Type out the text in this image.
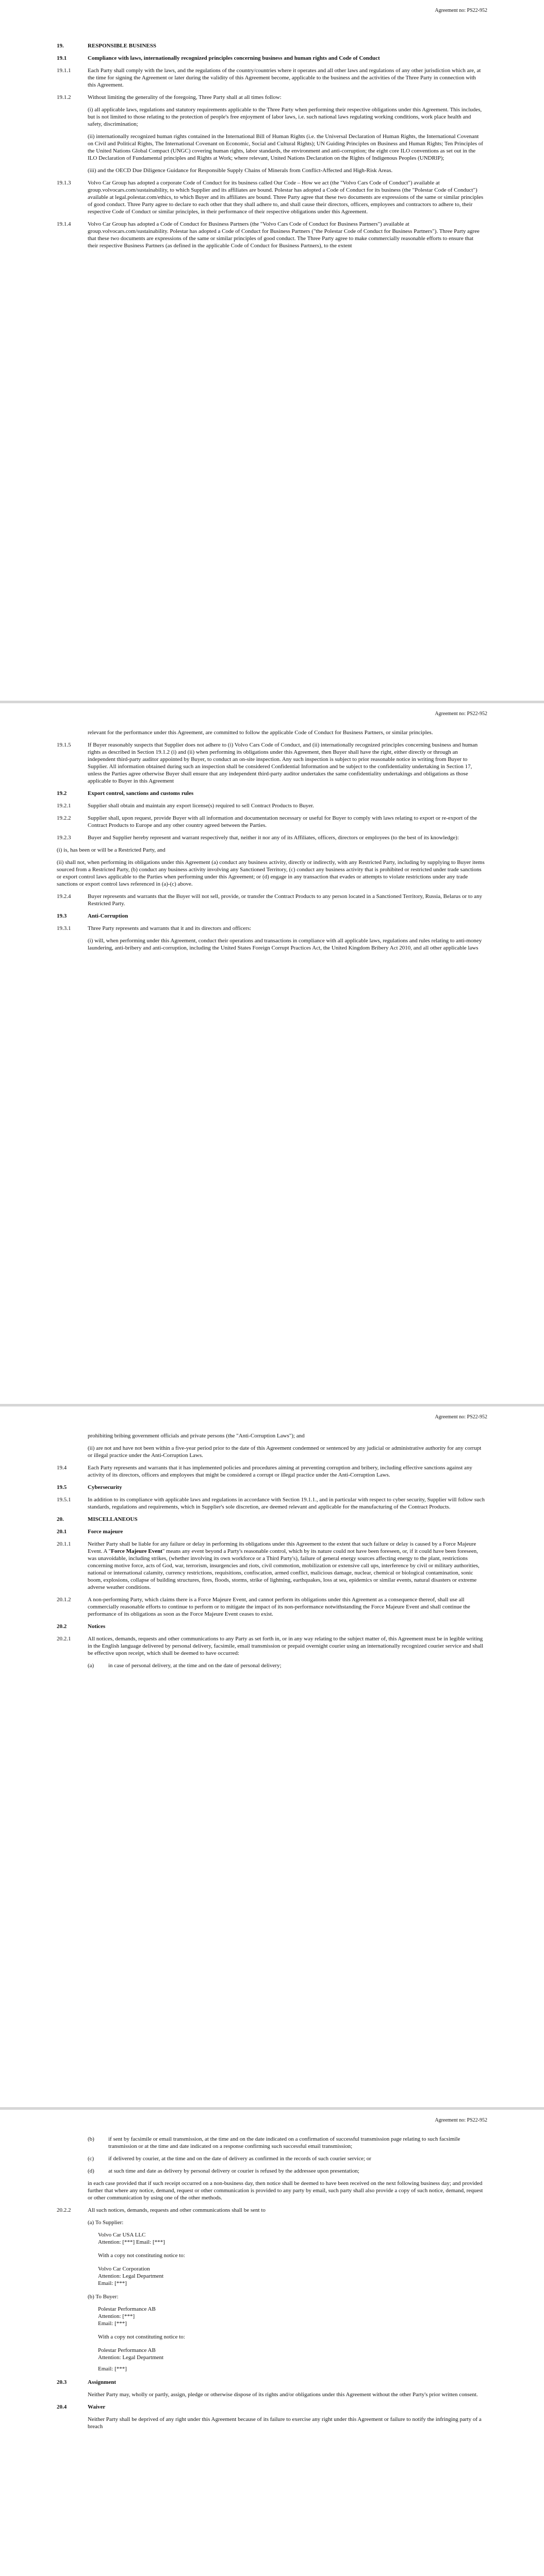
Agreement no: PS22-952
19.	RESPONSIBLE BUSINESS
19.1	Compliance with laws, internationally recognized principles concerning business and human rights and Code of Conduct
19.1.1	Each Party shall comply with the laws, and the regulations of the country/countries where it operates and all other laws and regulations of any other jurisdiction which are, at the time for signing the Agreement or later during the validity of this Agreement become, applicable to the business and the activities of the Three Party in connection with this Agreement.
19.1.2	Without limiting the generality of the foregoing, Three Party shall at all times follow:

(i) all applicable laws, regulations and statutory requirements applicable to the Three Party when performing their respective obligations under this Agreement. This includes, but is not limited to those relating to the protection of people's free enjoyment of labor laws, i.e. such national laws regulating working conditions, work place health and safety, discrimination;

(ii) internationally recognized human rights contained in the International Bill of Human Rights (i.e. the Universal Declaration of Human Rights, the International Covenant on Civil and Political Rights, The International Covenant on Economic, Social and Cultural Rights); UN Guiding Principles on Business and Human Rights; Ten Principles of the United Nations Global Compact (UNGC) covering human rights, labor standards, the environment and anti-corruption; the eight core ILO conventions as set out in the ILO Declaration of Fundamental principles and Rights at Work; where relevant, United Nations Declaration on the Rights of Indigenous Peoples (UNDRIP);

(iii) and the OECD Due Diligence Guidance for Responsible Supply Chains of Minerals from Conflict-Affected and High-Risk Areas.

19.1.3	Volvo Car Group has adopted a corporate Code of Conduct for its business called Our Code – How we act (the "Volvo Cars Code of Conduct") available at group.volvocars.com/sustainability, to which Supplier and its affiliates are bound. Polestar has adopted a Code of Conduct for its business (the "Polestar Code of Conduct") available at legal.polestar.com/ethics, to which Buyer and its affiliates are bound. Three Party agree that these two documents are expressions of the same or similar principles of good conduct. Three Party agree to declare to each other that they shall adhere to, and shall cause their directors, officers, employees and contractors to adhere to, their respective Code of Conduct or similar principles, in their performance of their respective obligations under this Agreement.
19.1.4	Volvo Car Group has adopted a Code of Conduct for Business Partners (the "Volvo Cars Code of Conduct for Business Partners") available at group.volvocars.com/sustainability. Polestar has adopted a Code of Conduct for Business Partners ("the Polestar Code of Conduct for Business Partners"). Three Party agree that these two documents are expressions of the same or similar principles of good conduct. The Three Party agree to make commercially reasonable efforts to ensure that their respective Business Partners (as defined in the applicable Code of Conduct for Business Partners), to the extent
Agreement no: PS22-952

relevant for the performance under this Agreement, are committed to follow the applicable Code of Conduct for Business Partners, or similar principles.

19.1.5	If Buyer reasonably suspects that Supplier does not adhere to (i) Volvo Cars Code of Conduct, and (ii) internationally recognized principles concerning business and human rights as described in Section 19.1.2 (i) and (ii) when performing its obligations under this Agreement, then Buyer shall have the right, either directly or through an independent third-party auditor appointed by Buyer, to conduct an on-site inspection. Any such inspection is subject to prior reasonable notice in writing from Buyer to Supplier. All information obtained during such an inspection shall be considered Confidential Information and be subject to the confidentiality undertaking in Section 17, unless the Parties agree otherwise Buyer shall ensure that any independent third-party auditor undertakes the same confidentiality undertakings and obligations as those applicable to Buyer in this Agreement
19.2	Export control, sanctions and customs rules
19.2.1	Supplier shall obtain and maintain any export license(s) required to sell Contract Products to Buyer.
19.2.2	Supplier shall, upon request, provide Buyer with all information and documentation necessary or useful for Buyer to comply with laws relating to export or re-export of the Contract Products to Europe and any other country agreed between the Parties.
19.2.3	Buyer and Supplier hereby represent and warrant respectively that, neither it nor any of its Affiliates, officers, directors or employees (to the best of its knowledge):

(i) is, has been or will be a Restricted Party, and

(ii) shall not, when performing its obligations under this Agreement (a) conduct any business activity, directly or indirectly, with any Restricted Party, including by supplying to Buyer items sourced from a Restricted Party, (b) conduct any business activity involving any Sanctioned Territory, (c) conduct any business activity that is prohibited or restricted under trade sanctions or export control laws applicable to the Parties when performing under this Agreement; or (d) engage in any transaction that evades or attempts to violate restrictions under any trade sanctions or export control laws referenced in (a)-(c) above.

19.2.4	Buyer represents and warrants that the Buyer will not sell, provide, or transfer the Contract Products to any person located in a Sanctioned Territory, Russia, Belarus or to any Restricted Party.
19.3	Anti-Corruption
19.3.1	Three Party represents and warrants that it and its directors and officers:

(i) will, when performing under this Agreement, conduct their operations and transactions in compliance with all applicable laws, regulations and rules relating to anti-money laundering, anti-bribery and anti-corruption, including the United States Foreign Corrupt Practices Act, the United Kingdom Bribery Act 2010, and all other applicable laws

Agreement no: PS22-952

prohibiting bribing government officials and private persons (the "Anti-Corruption Laws"); and

(ii) are not and have not been within a five-year period prior to the date of this Agreement condemned or sentenced by any judicial or administrative authority for any corrupt or illegal practice under the Anti-Corruption Laws.

19.4	Each Party represents and warrants that it has implemented policies and procedures aiming at preventing corruption and bribery, including effective sanctions against any activity of its directors, officers and employees that might be considered a corrupt or illegal practice under the Anti-Corruption Laws.
19.5	Cybersecurity
19.5.1	In addition to its compliance with applicable laws and regulations in accordance with Section 19.1.1., and in particular with respect to cyber security, Supplier will follow such standards, regulations and requirements, which in Supplier's sole discretion, are deemed relevant and applicable for the manufacturing of the Contract Products.
20.	MISCELLANEOUS
20.1	Force majeure
20.1.1	Neither Party shall be liable for any failure or delay in performing its obligations under this Agreement to the extent that such failure or delay is caused by a Force Majeure Event. A "Force Majeure Event" means any event beyond a Party's reasonable control, which by its nature could not have been foreseen, or, if it could have been foreseen, was unavoidable, including strikes, (whether involving its own workforce or a Third Party's), failure of general energy sources affecting energy to the plant, restrictions concerning motive force, acts of God, war, terrorism, insurgencies and riots, civil commotion, mobilization or extensive call ups, interference by civil or military authorities, national or international calamity, currency restrictions, requisitions, confiscation, armed conflict, malicious damage, nuclear, chemical or biological contamination, sonic boom, explosions, collapse of building structures, fires, floods, storms, strike of lightning, earthquakes, loss at sea, epidemics or similar events, natural disasters or extreme adverse weather conditions.
20.1.2	A non-performing Party, which claims there is a Force Majeure Event, and cannot perform its obligations under this Agreement as a consequence thereof, shall use all commercially reasonable efforts to continue to perform or to mitigate the impact of its non-performance notwithstanding the Force Majeure Event and shall continue the performance of its obligations as soon as the Force Majeure Event ceases to exist.
20.2	Notices
20.2.1	All notices, demands, requests and other communications to any Party as set forth in, or in any way relating to the subject matter of, this Agreement must be in legible writing in the English language delivered by personal delivery, facsimile, email transmission or prepaid overnight courier using an internationally recognized courier service and shall be effective upon receipt, which shall be deemed to have occurred:
(a)	in case of personal delivery, at the time and on the date of personal delivery;
Agreement no: PS22-952
(b)	if sent by facsimile or email transmission, at the time and on the date indicated on a confirmation of successful transmission page relating to such facsimile transmission or at the time and date indicated on a response confirming such successful email transmission;
(c)	if delivered by courier, at the time and on the date of delivery as confirmed in the records of such courier service; or
(d)	at such time and date as delivery by personal delivery or courier is refused by the addressee upon presentation;

in each case provided that if such receipt occurred on a non-business day, then notice shall be deemed to have been received on the next following business day; and provided further that where any notice, demand, request or other communication is provided to any party by email, such party shall also provide a copy of such notice, demand, request or other communication by using one of the other methods.

20.2.2	All such notices, demands, requests and other communications shall be sent to

(a) To Supplier:

Volvo Car USA LLC
Attention: [***] Email: [***]

With a copy not constituting notice to:

Volvo Car Corporation
Attention: Legal Department
Email: [***]

(b) To Buyer:

Polestar Performance AB
Attention: [***]
Email: [***]

With a copy not constituting notice to:

Polestar Performance AB
Attention: Legal Department
Email: [***]
20.3	Assignment

Neither Party may, wholly or partly, assign, pledge or otherwise dispose of its rights and/or obligations under this Agreement without the other Party's prior written consent.

20.4	Waiver

Neither Party shall be deprived of any right under this Agreement because of its failure to exercise any right under this Agreement or failure to notify the infringing party of a breach
